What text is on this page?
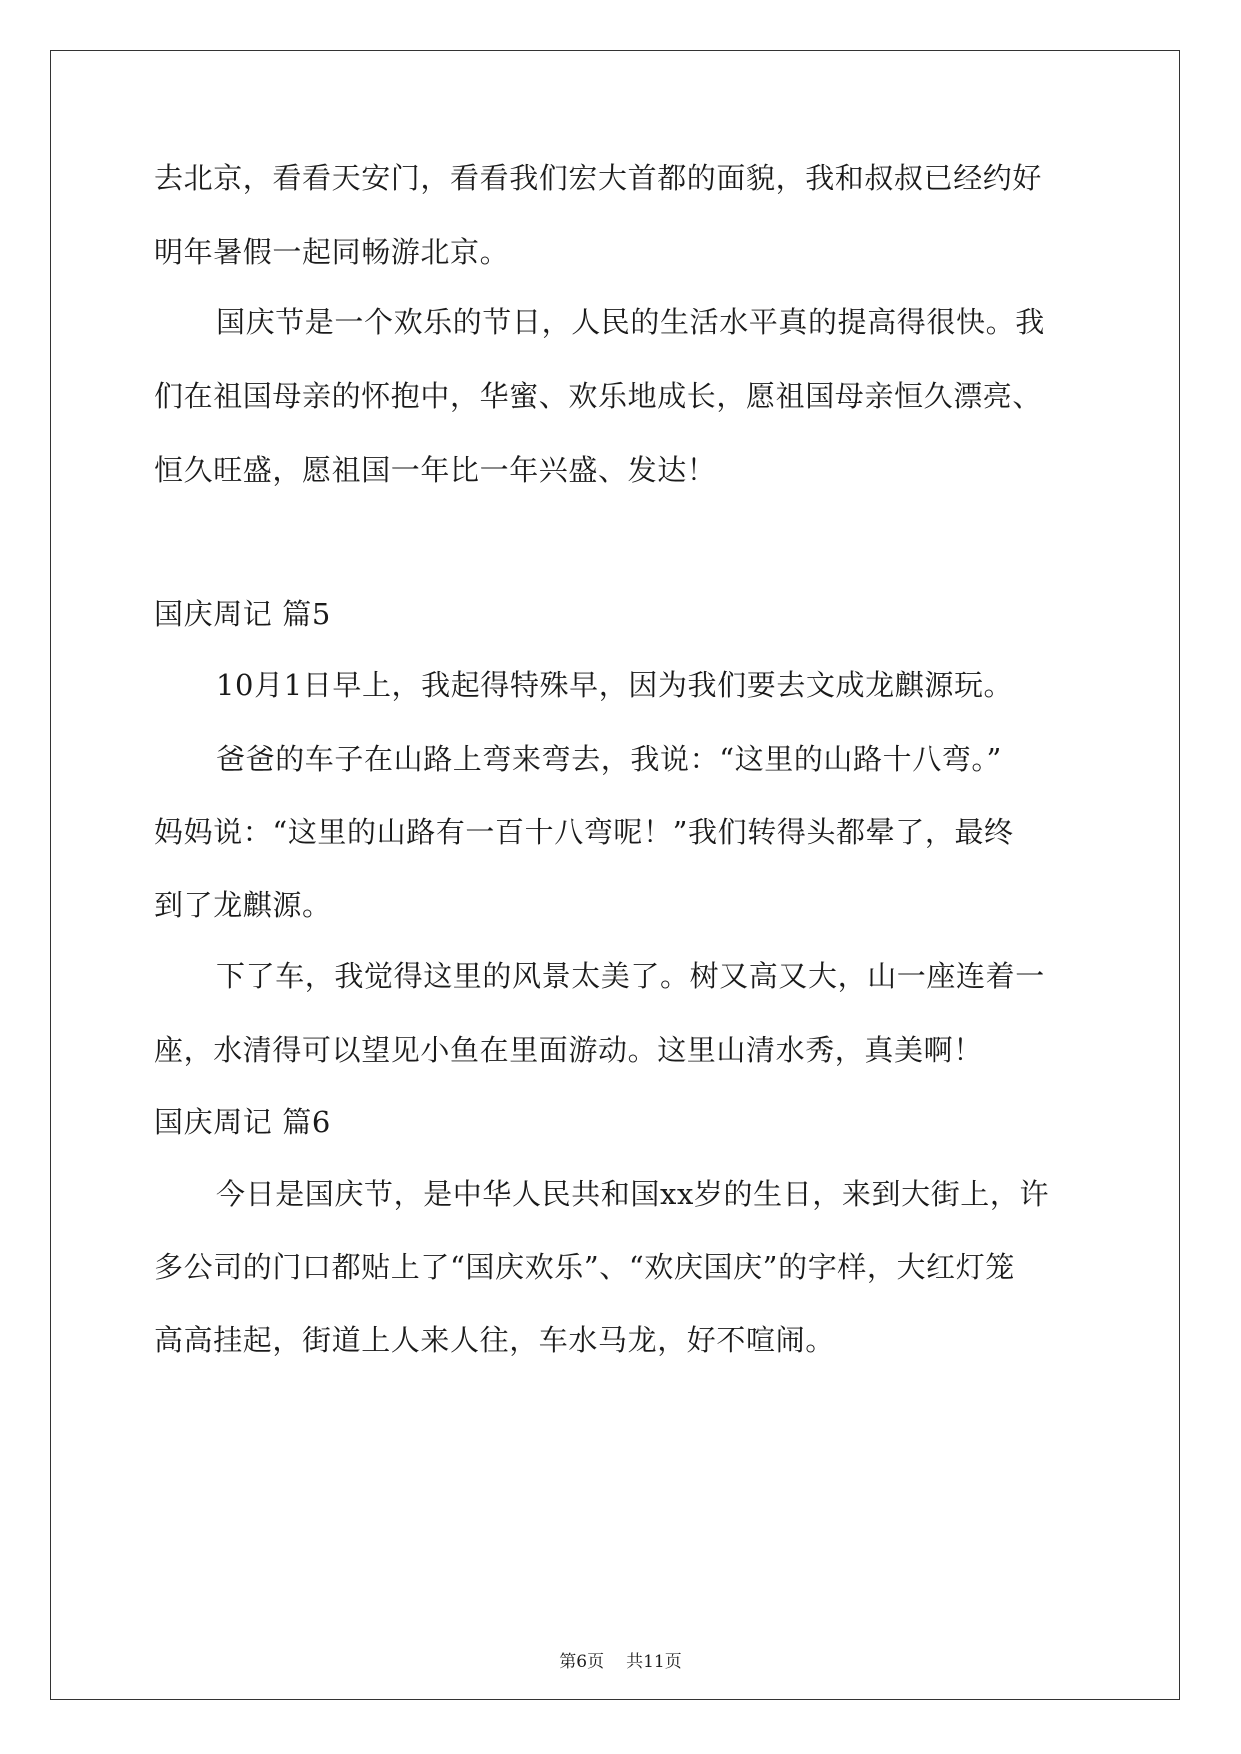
去北京，看看天安门，看看我们宏大首都的面貌，我和叔叔已经约好
明年暑假一起同畅游北京。
国庆节是一个欢乐的节日，人民的生活水平真的提高得很快。我
们在祖国母亲的怀抱中，华蜜、欢乐地成长，愿祖国母亲恒久漂亮、
恒久旺盛，愿祖国一年比一年兴盛、发达！
国庆周记 篇5
10月1日早上，我起得特殊早，因为我们要去文成龙麒源玩。
爸爸的车子在山路上弯来弯去，我说：“这里的山路十八弯。”
妈妈说：“这里的山路有一百十八弯呢！”我们转得头都晕了，最终
到了龙麒源。
下了车，我觉得这里的风景太美了。树又高又大，山一座连着一
座，水清得可以望见小鱼在里面游动。这里山清水秀，真美啊！
国庆周记 篇6
今日是国庆节，是中华人民共和国xx岁的生日，来到大街上，许
多公司的门口都贴上了“国庆欢乐”、“欢庆国庆”的字样，大红灯笼
高高挂起，街道上人来人往，车水马龙，好不喧闹。
第6页 共11页
